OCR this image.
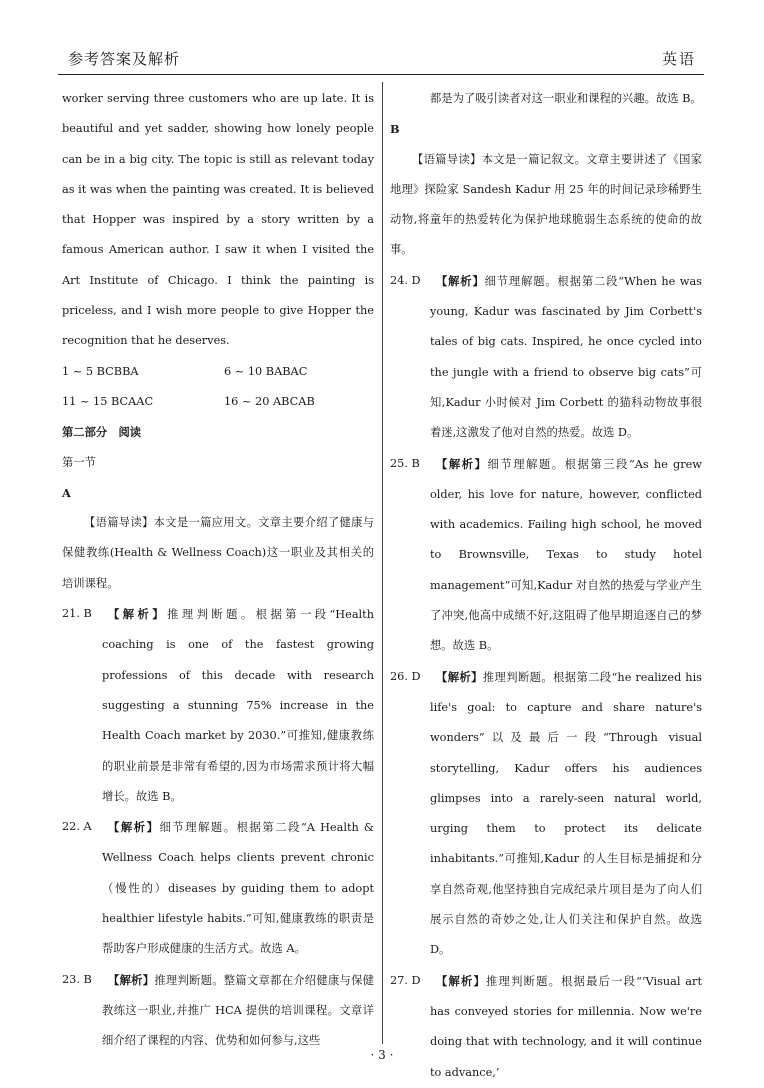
参考答案及解析	英语

worker serving three customers who are up late. It is beautiful and yet sadder, showing how lonely people can be in a big city. The topic is still as relevant today as it was when the painting was created. It is believed that Hopper was inspired by a story written by a famous American author. I saw it when I visited the Art Institute of Chicago. I think the painting is priceless, and I wish more people to give Hopper the recognition that he deserves.

1 ~ 5 BCBBA	6 ~ 10 BABAC
11 ~ 15 BCAAC	16 ~ 20 ABCAB

第二部分　阅读

第一节

A

【语篇导读】本文是一篇应用文。文章主要介绍了健康与保健教练(Health & Wellness Coach)这一职业及其相关的培训课程。

21. B	【解析】推理判断题。根据第一段“Health coaching is one of the fastest growing professions of this decade with research suggesting a stunning 75% increase in the Health Coach market by 2030.”可推知,健康教练的职业前景是非常有希望的,因为市场需求预计将大幅增长。故选 B。
22. A	【解析】细节理解题。根据第二段“A Health & Wellness Coach helps clients prevent chronic（慢性的）diseases by guiding them to adopt healthier lifestyle habits.”可知,健康教练的职责是帮助客户形成健康的生活方式。故选 A。
23. B	【解析】推理判断题。整篇文章都在介绍健康与保健教练这一职业,并推广 HCA 提供的培训课程。文章详细介绍了课程的内容、优势和如何参与,这些
都是为了吸引读者对这一职业和课程的兴趣。故选 B。

B

【语篇导读】本文是一篇记叙文。文章主要讲述了《国家地理》探险家 Sandesh Kadur 用 25 年的时间记录珍稀野生动物,将童年的热爱转化为保护地球脆弱生态系统的使命的故事。

24. D	【解析】细节理解题。根据第二段“When he was young, Kadur was fascinated by Jim Corbett's tales of big cats. Inspired, he once cycled into the jungle with a friend to observe big cats”可知,Kadur 小时候对 Jim Corbett 的猫科动物故事很着迷,这激发了他对自然的热爱。故选 D。
25. B	【解析】细节理解题。根据第三段“As he grew older, his love for nature, however, conflicted with academics. Failing high school, he moved to Brownsville, Texas to study hotel management”可知,Kadur 对自然的热爱与学业产生了冲突,他高中成绩不好,这阻碍了他早期追逐自己的梦想。故选 B。
26. D	【解析】推理判断题。根据第二段“he realized his life's goal: to capture and share nature's wonders”以及最后一段“Through visual storytelling, Kadur offers his audiences glimpses into a rarely-seen natural world, urging them to protect its delicate inhabitants.”可推知,Kadur 的人生目标是捕捉和分享自然奇观,他坚持独自完成纪录片项目是为了向人们展示自然的奇妙之处,让人们关注和保护自然。故选 D。
27. D	【解析】推理判断题。根据最后一段“‘Visual art has conveyed stories for millennia. Now we're doing that with technology, and it will continue to advance,’
· 3 ·
